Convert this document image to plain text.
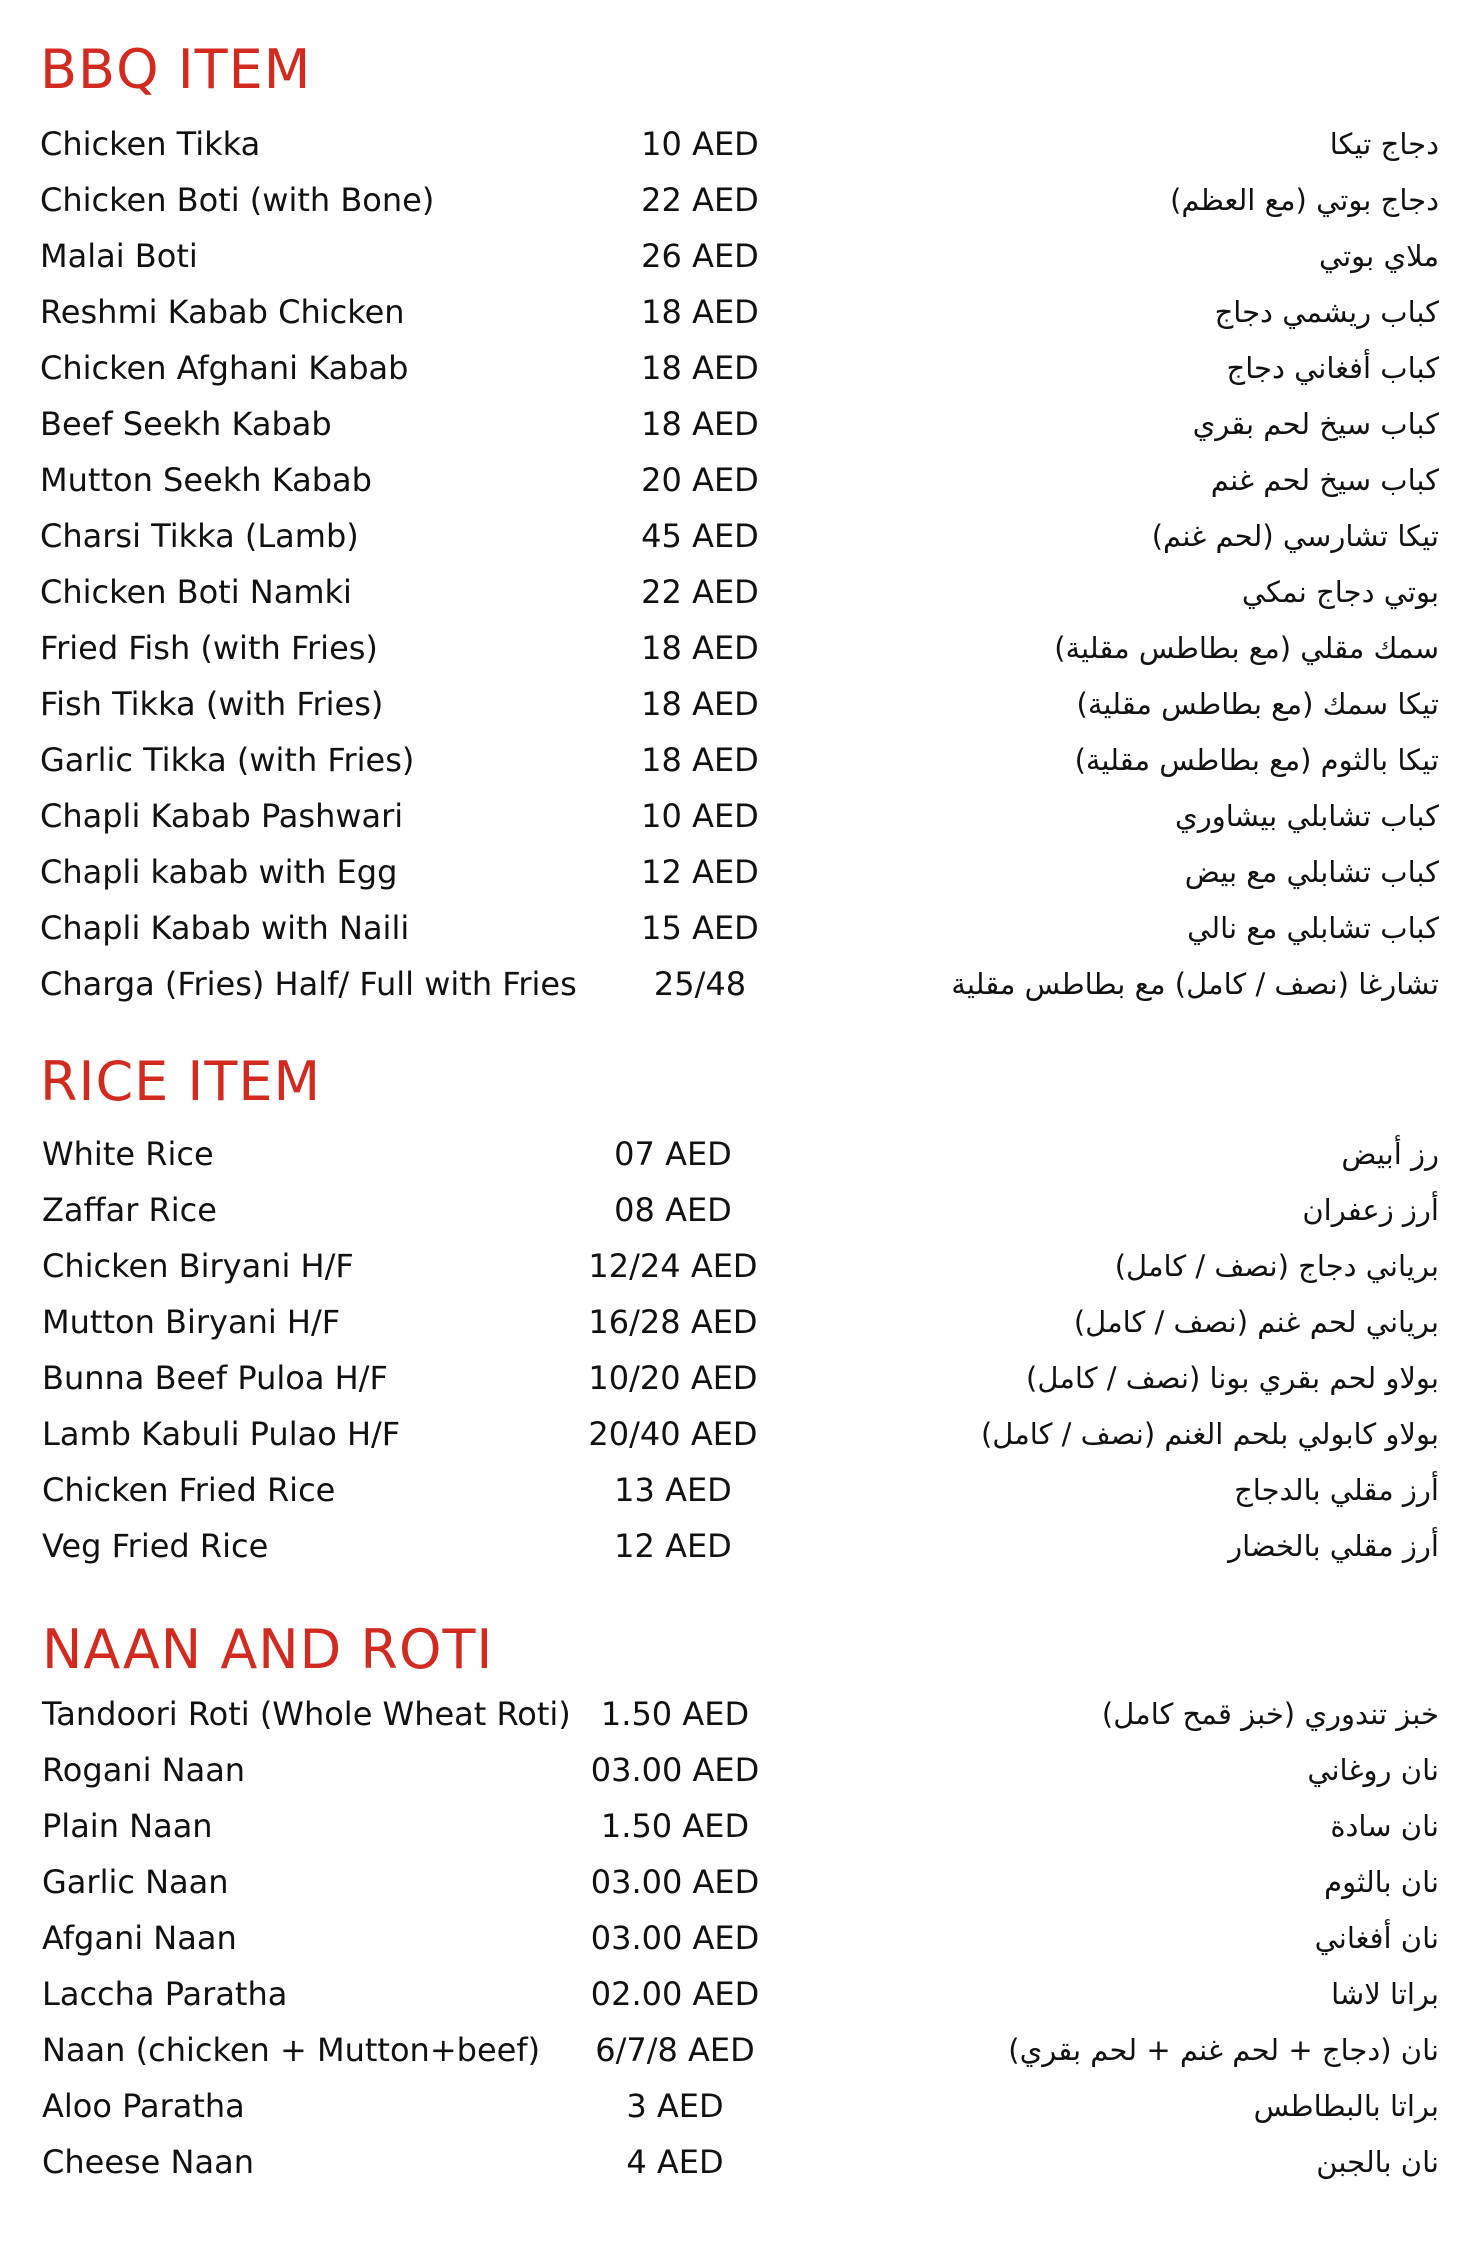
BBQ ITEM
Chicken Tikka	10 AED	دجاج تيكا
Chicken Boti (with Bone)	22 AED	دجاج بوتي (مع العظم)
Malai Boti	26 AED	ملاي بوتي
Reshmi Kabab Chicken	18 AED	كباب ريشمي دجاج
Chicken Afghani Kabab	18 AED	كباب أفغاني دجاج
Beef Seekh Kabab	18 AED	كباب سيخ لحم بقري
Mutton Seekh Kabab	20 AED	كباب سيخ لحم غنم
Charsi Tikka (Lamb)	45 AED	تيكا تشارسي (لحم غنم)
Chicken Boti Namki	22 AED	بوتي دجاج نمكي
Fried Fish (with Fries)	18 AED	سمك مقلي (مع بطاطس مقلية)
Fish Tikka (with Fries)	18 AED	تيكا سمك (مع بطاطس مقلية)
Garlic Tikka (with Fries)	18 AED	تيكا بالثوم (مع بطاطس مقلية)
Chapli Kabab Pashwari	10 AED	كباب تشابلي بيشاوري
Chapli kabab with Egg	12 AED	كباب تشابلي مع بيض
Chapli Kabab with Naili	15 AED	كباب تشابلي مع نالي
Charga (Fries) Half/ Full with Fries	25/48	تشارغا (نصف / كامل) مع بطاطس مقلية
RICE ITEM
White Rice	07 AED	رز أبيض
Zaffar Rice	08 AED	أرز زعفران
Chicken Biryani H/F	12/24 AED	برياني دجاج (نصف / كامل)
Mutton Biryani H/F	16/28 AED	برياني لحم غنم (نصف / كامل)
Bunna Beef Puloa H/F	10/20 AED	بولاو لحم بقري بونا (نصف / كامل)
Lamb Kabuli Pulao H/F	20/40 AED	بولاو كابولي بلحم الغنم (نصف / كامل)
Chicken Fried Rice	13 AED	أرز مقلي بالدجاج
Veg Fried Rice	12 AED	أرز مقلي بالخضار
NAAN AND ROTI
Tandoori Roti (Whole Wheat Roti) 1.50 AED	خبز تندوري (خبز قمح كامل)
Rogani Naan	03.00 AED	نان روغاني
Plain Naan	1.50 AED	نان سادة
Garlic Naan	03.00 AED	نان بالثوم
Afgani Naan	03.00 AED	نان أفغاني
Laccha Paratha	02.00 AED	براتا لاشا
Naan (chicken + Mutton+beef)	6/7/8 AED	نان (دجاج + لحم غنم + لحم بقري)
Aloo Paratha	3 AED	براتا بالبطاطس
Cheese Naan	4 AED	نان بالجبن
